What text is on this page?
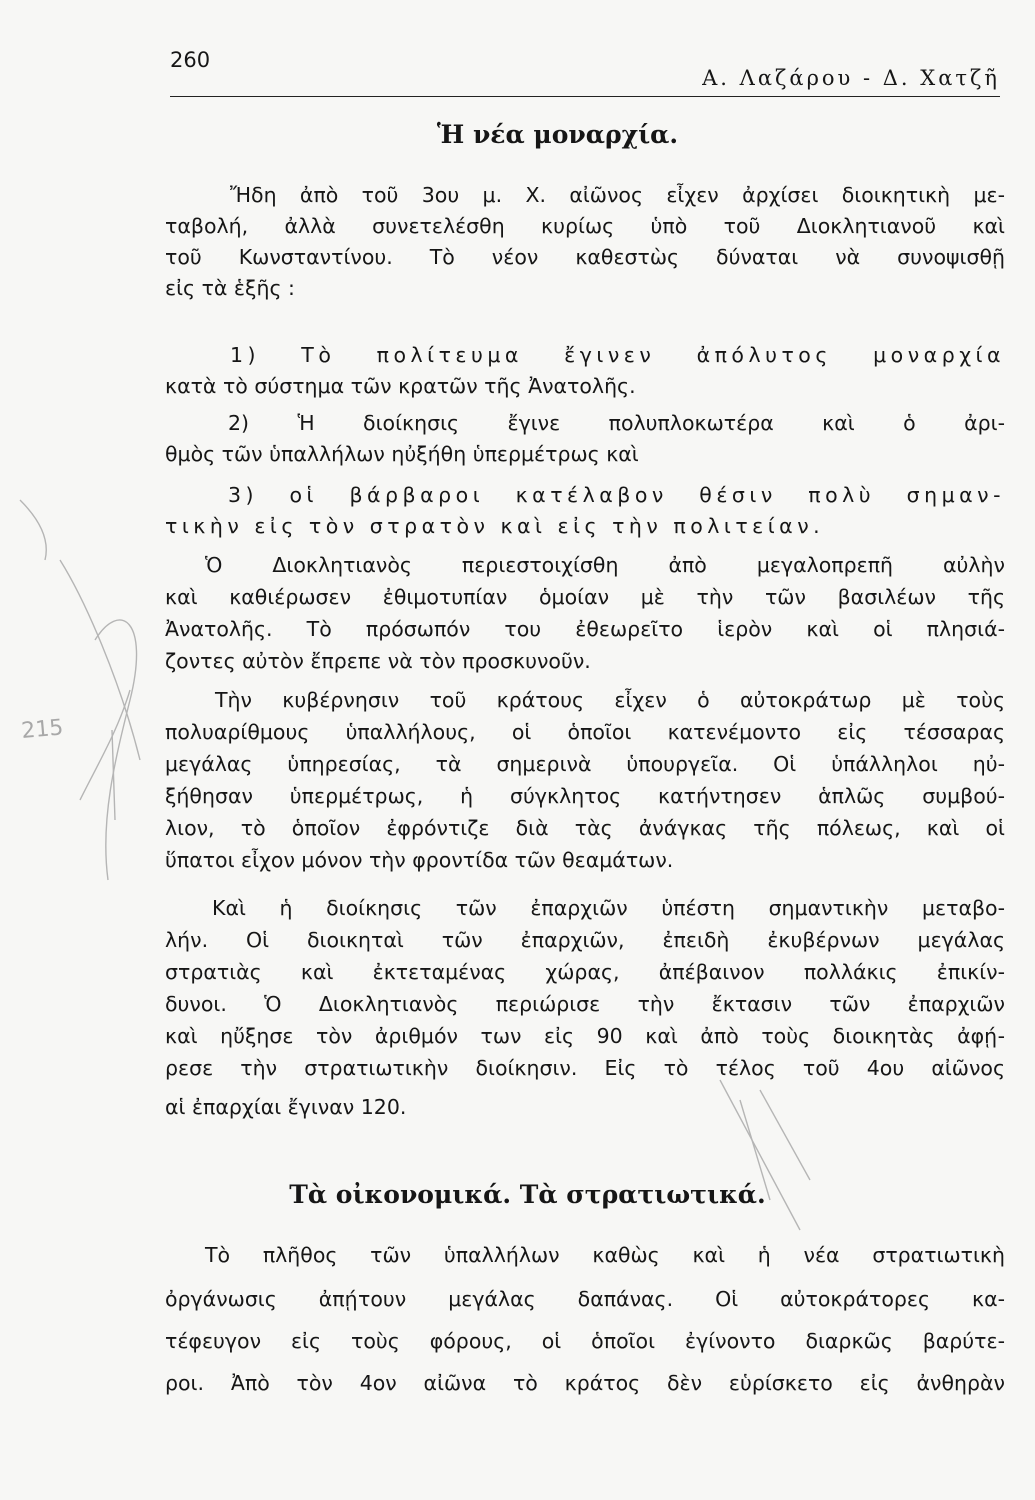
260
Α. Λαζάρου - Δ. Χατζῆ
Ἡ νέα μοναρχία.
Ἤδη ἀπὸ τοῦ 3ου μ. Χ. αἰῶνος εἶχεν ἀρχίσει διοικητικὴ με-
ταβολή, ἀλλὰ συνετελέσθη κυρίως ὑπὸ τοῦ Διοκλητιανοῦ καὶ
τοῦ Κωνσταντίνου. Τὸ νέον καθεστὼς δύναται νὰ συνοψισθῇ
εἰς τὰ ἑξῆς :
1) Τὸ πολίτευμα ἔγινεν ἀπόλυτος μοναρχία
κατὰ τὸ σύστημα τῶν κρατῶν τῆς Ἀνατολῆς.
2) Ἡ διοίκησις ἔγινε πολυπλοκωτέρα καὶ ὁ ἀρι-
θμὸς τῶν ὑπαλλήλων ηὐξήθη ὑπερμέτρως καὶ
3) οἱ βάρβαροι κατέλαβον θέσιν πολὺ σημαν-
τικὴν εἰς τὸν στρατὸν καὶ εἰς τὴν πολιτείαν.
Ὁ Διοκλητιανὸς περιεστοιχίσθη ἀπὸ μεγαλοπρεπῆ αὐλὴν
καὶ καθιέρωσεν ἐθιμοτυπίαν ὁμοίαν μὲ τὴν τῶν βασιλέων τῆς
Ἀνατολῆς. Τὸ πρόσωπόν του ἐθεωρεῖτο ἱερὸν καὶ οἱ πλησιά-
ζοντες αὐτὸν ἔπρεπε νὰ τὸν προσκυνοῦν.
Τὴν κυβέρνησιν τοῦ κράτους εἶχεν ὁ αὐτοκράτωρ μὲ τοὺς
πολυαρίθμους ὑπαλλήλους, οἱ ὁποῖοι κατενέμοντο εἰς τέσσαρας
μεγάλας ὑπηρεσίας, τὰ σημερινὰ ὑπουργεῖα. Οἱ ὑπάλληλοι ηὐ-
ξήθησαν ὑπερμέτρως, ἡ σύγκλητος κατήντησεν ἁπλῶς συμβού-
λιον, τὸ ὁποῖον ἐφρόντιζε διὰ τὰς ἀνάγκας τῆς πόλεως, καὶ οἱ
ὕπατοι εἶχον μόνον τὴν φροντίδα τῶν θεαμάτων.
Καὶ ἡ διοίκησις τῶν ἐπαρχιῶν ὑπέστη σημαντικὴν μεταβο-
λήν. Οἱ διοικηταὶ τῶν ἐπαρχιῶν, ἐπειδὴ ἐκυβέρνων μεγάλας
στρατιὰς καὶ ἐκτεταμένας χώρας, ἀπέβαινον πολλάκις ἐπικίν-
δυνοι. Ὁ Διοκλητιανὸς περιώρισε τὴν ἔκτασιν τῶν ἐπαρχιῶν
καὶ ηὔξησε τὸν ἀριθμόν των εἰς 90 καὶ ἀπὸ τοὺς διοικητὰς ἀφῄ-
ρεσε τὴν στρατιωτικὴν διοίκησιν. Εἰς τὸ τέλος τοῦ 4ου αἰῶνος
αἱ ἐπαρχίαι ἔγιναν 120.
Τὰ οἰκονομικά. Τὰ στρατιωτικά.
Τὸ πλῆθος τῶν ὑπαλλήλων καθὼς καὶ ἡ νέα στρατιωτικὴ
ὀργάνωσις ἀπῄτουν μεγάλας δαπάνας. Οἱ αὐτοκράτορες κα-
τέφευγον εἰς τοὺς φόρους, οἱ ὁποῖοι ἐγίνοντο διαρκῶς βαρύτε-
ροι. Ἀπὸ τὸν 4ον αἰῶνα τὸ κράτος δὲν εὑρίσκετο εἰς ἀνθηρὰν
215
